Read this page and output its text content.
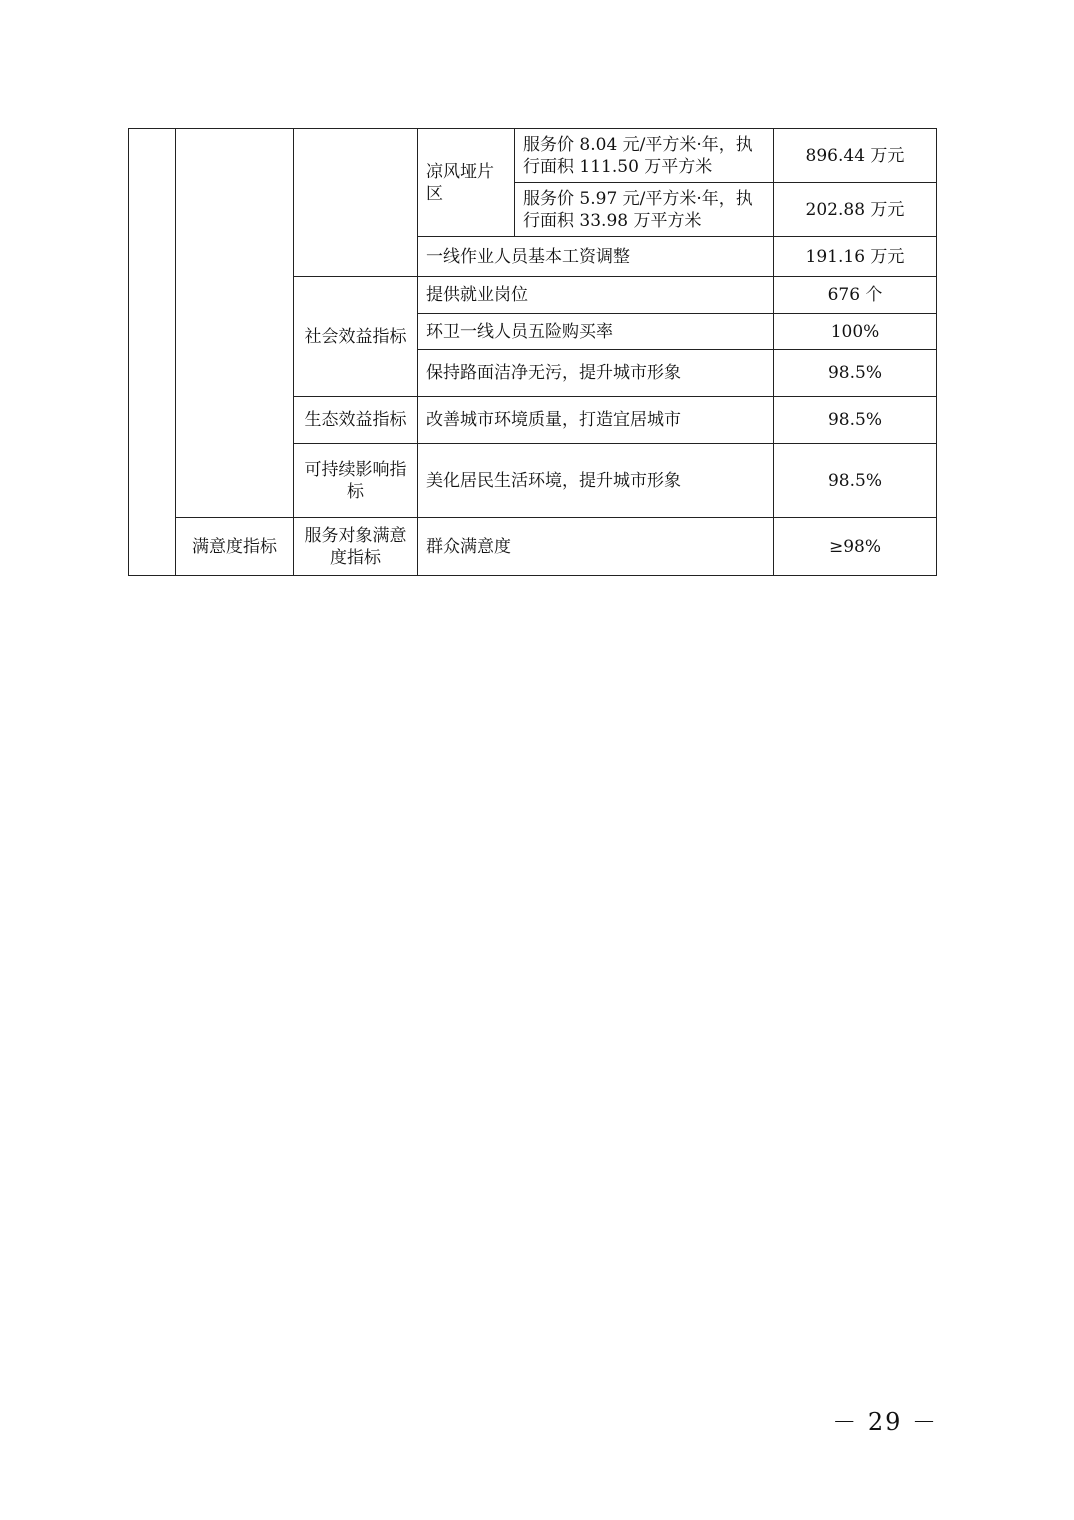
			凉风垭片区	服务价 8.04 元/平方米·年，执行面积 111.50 万平方米	896.44 万元
				服务价 5.97 元/平方米·年，执行面积 33.98 万平方米	202.88 万元
			一线作业人员基本工资调整		191.16 万元
		社会效益指标	提供就业岗位		676 个
			环卫一线人员五险购买率		100%
			保持路面洁净无污，提升城市形象		98.5%
		生态效益指标	改善城市环境质量，打造宜居城市		98.5%
		可持续影响指标	美化居民生活环境，提升城市形象		98.5%
	满意度指标	服务对象满意度指标	群众满意度		≥98%
－ 29 －
